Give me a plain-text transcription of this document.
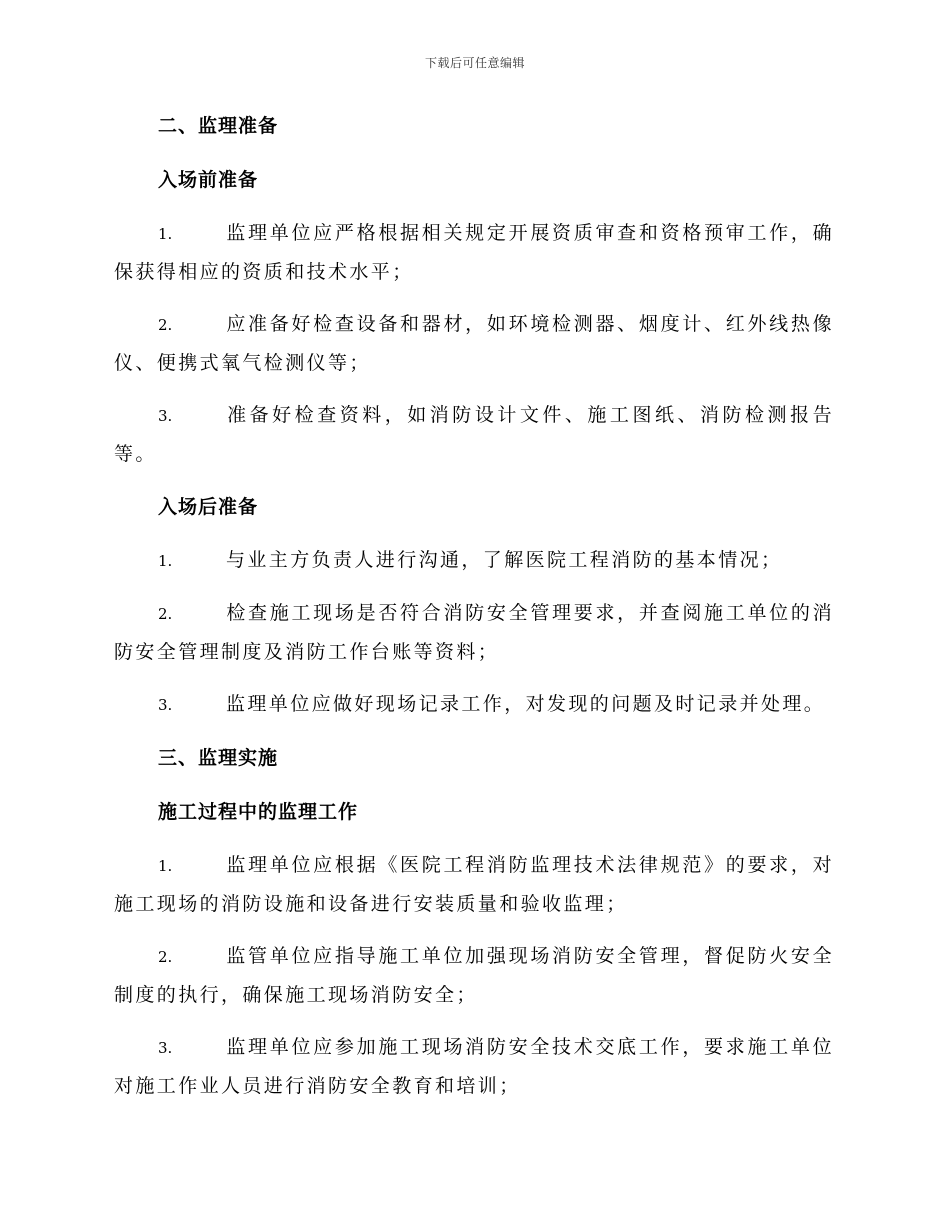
下载后可任意编辑
二、监理准备
入场前准备
1.	监理单位应严格根据相关规定开展资质审查和资格预审工作，确保获得相应的资质和技术水平；
2.	应准备好检查设备和器材，如环境检测器、烟度计、红外线热像仪、便携式氧气检测仪等；
3.	准备好检查资料，如消防设计文件、施工图纸、消防检测报告等。
入场后准备
1.	与业主方负责人进行沟通，了解医院工程消防的基本情况；
2.	检查施工现场是否符合消防安全管理要求，并查阅施工单位的消防安全管理制度及消防工作台账等资料；
3.	监理单位应做好现场记录工作，对发现的问题及时记录并处理。
三、监理实施
施工过程中的监理工作
1.	监理单位应根据《医院工程消防监理技术法律规范》的要求，对施工现场的消防设施和设备进行安装质量和验收监理；
2.	监管单位应指导施工单位加强现场消防安全管理，督促防火安全制度的执行，确保施工现场消防安全；
3.	监理单位应参加施工现场消防安全技术交底工作，要求施工单位对施工作业人员进行消防安全教育和培训；
